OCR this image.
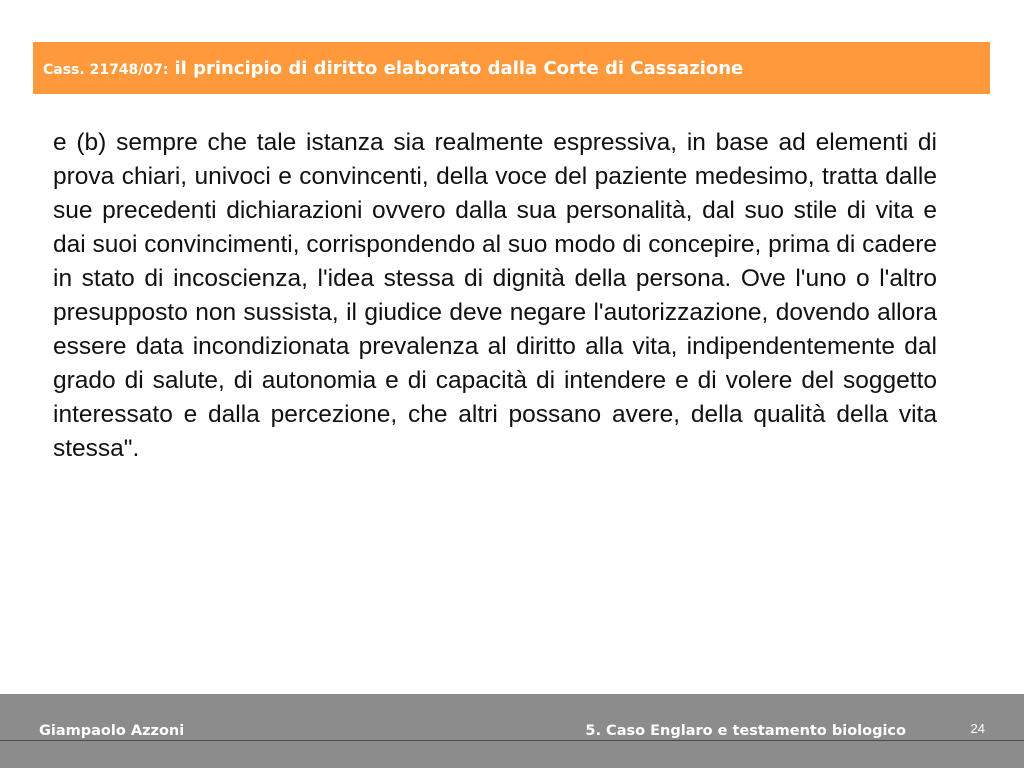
Cass. 21748/07: il principio di diritto elaborato dalla Corte di Cassazione

e (b) sempre che tale istanza sia realmente espressiva, in base ad elementi di prova chiari, univoci e convincenti, della voce del paziente medesimo, tratta dalle sue precedenti dichiarazioni ovvero dalla sua personalità, dal suo stile di vita e dai suoi convincimenti, corrispondendo al suo modo di concepire, prima di cadere in stato di incoscienza, l'idea stessa di dignità della persona. Ove l'uno o l'altro presupposto non sussista, il giudice deve negare l'autorizzazione, dovendo allora essere data incondizionata prevalenza al diritto alla vita, indipendentemente dal grado di salute, di autonomia e di capacità di intendere e di volere del soggetto interessato e dalla percezione, che altri possano avere, della qualità della vita stessa".

Giampaolo Azzoni	5. Caso Englaro e testamento biologico	24
